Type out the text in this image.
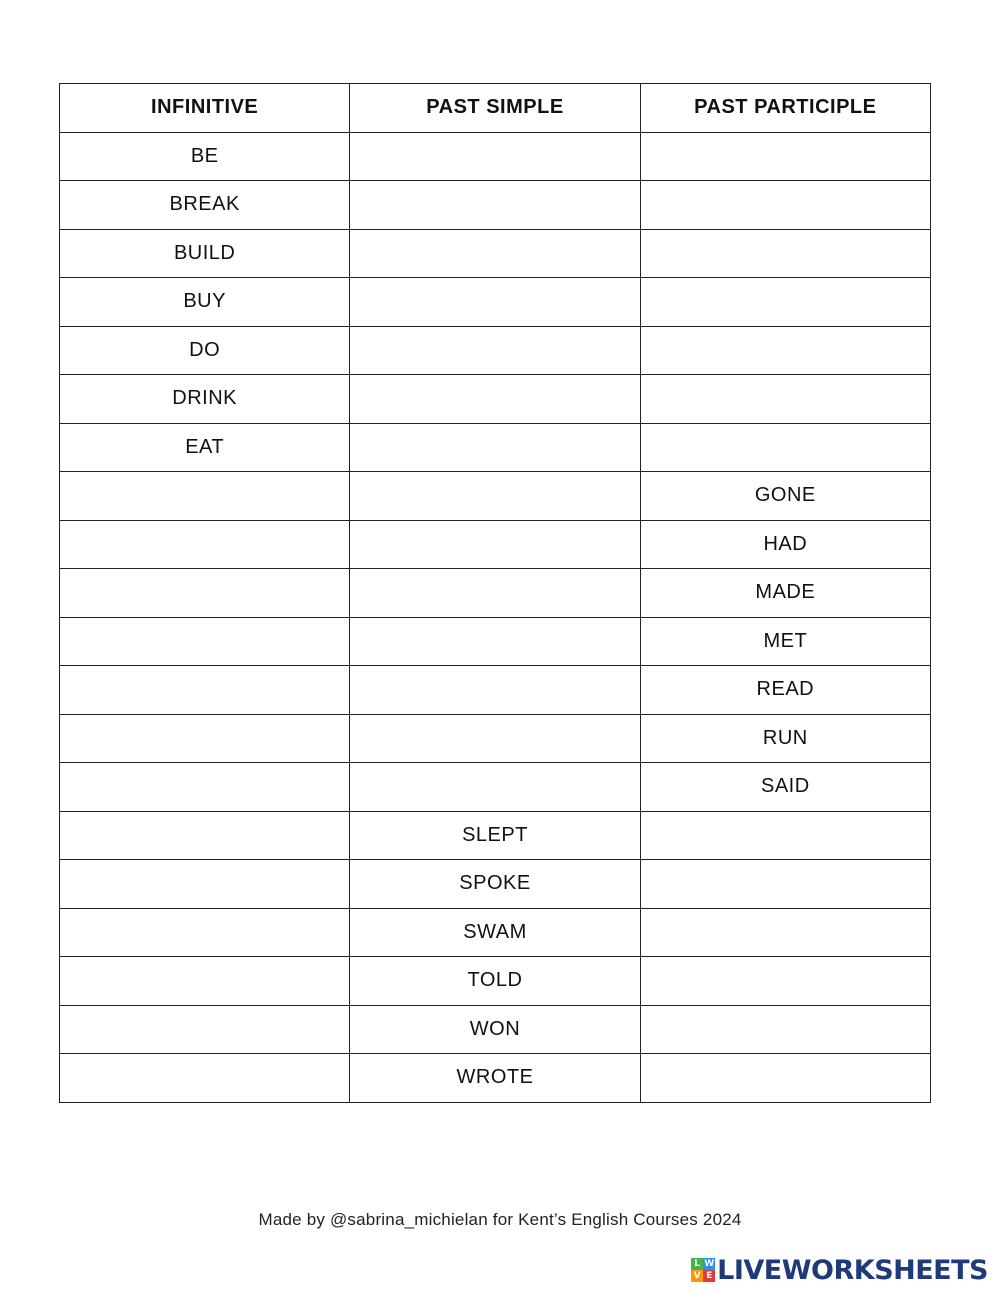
INFINITIVE	PAST SIMPLE	PAST PARTICIPLE
BE		
BREAK		
BUILD		
BUY		
DO		
DRINK		
EAT		
		GONE
		HAD
		MADE
		MET
		READ
		RUN
		SAID
	SLEPT	
	SPOKE	
	SWAM	
	TOLD	
	WON	
	WROTE	
Made by @sabrina_michielan for Kent’s English Courses 2024
L W
V E LIVEWORKSHEETS
